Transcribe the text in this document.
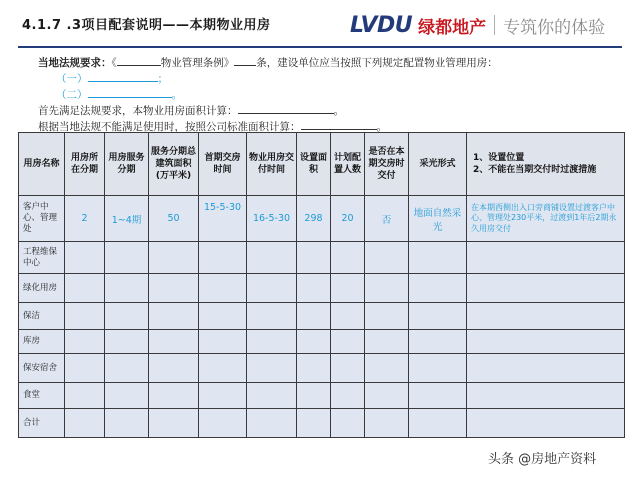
4.1.7 .3项目配套说明——本期物业用房	LVDU 绿都地产 专筑你的体验
当地法规要求：《	物业管理条例》 条，建设单位应当按照下列规定配置物业管理用房：
（一）	；
（二）	。
首先满足法规要求，本物业用房面积计算：	。
根据当地法规不能满足使用时，按照公司标准面积计算：	。
用房名称	用房所在分期	用房服务分期	服务分期总建筑面积(万平米)	首期交房时间	物业用房交付时间	设置面积	计划配置人数	是否在本期交房时交付	采光形式	1、设置位置
2、不能在当期交付时过渡措施

客户中心、管理处	2	1~4期	50	15-5-30	16-5-30	298	20	否	地面自然采光	在本期西侧出入口旁商铺设置过渡客户中心、管理处230平米，过渡到1年后2期永久用房交付
工程维保中心										
绿化用房										
保洁										
库房										
保安宿舍										
食堂										
合计										
头条 @房地产资料
